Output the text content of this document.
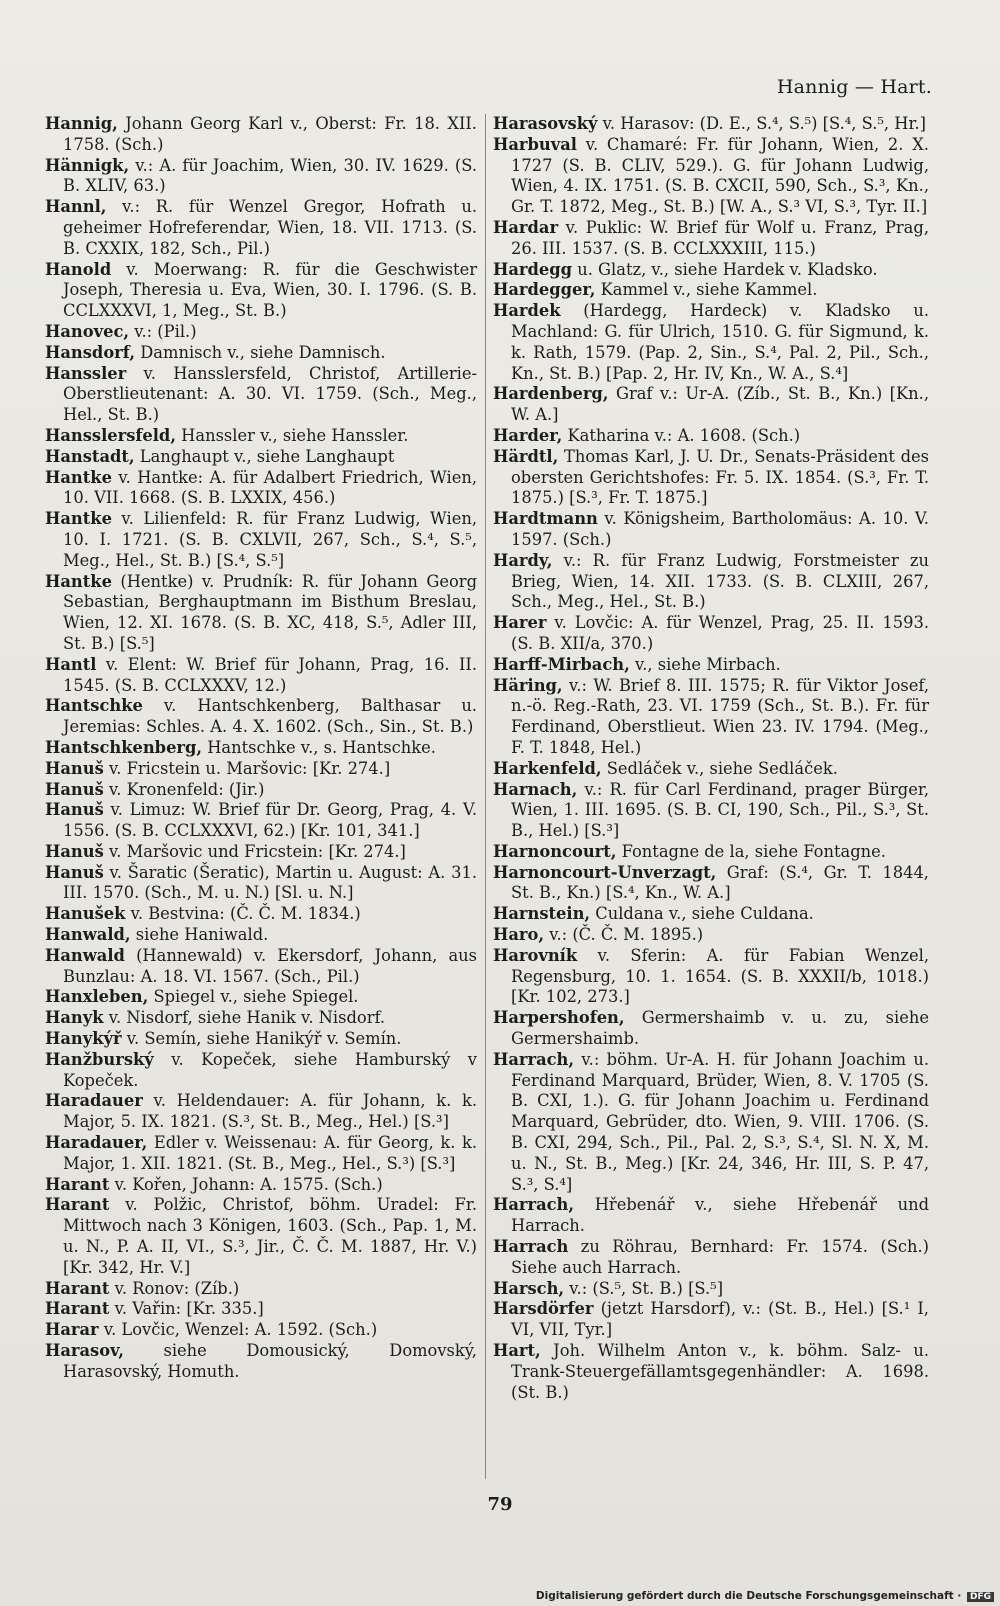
Hannig — Hart.

Hannig, Johann Georg Karl v., Oberst: Fr. 18. XII. 1758. (Sch.)

Hännigk, v.: A. für Joachim, Wien, 30. IV. 1629. (S. B. XLIV, 63.)

Hannl, v.: R. für Wenzel Gregor, Hofrath u. geheimer Hofreferendar, Wien, 18. VII. 1713. (S. B. CXXIX, 182, Sch., Pil.)

Hanold v. Moerwang: R. für die Geschwister Joseph, Theresia u. Eva, Wien, 30. I. 1796. (S. B. CCLXXXVI, 1, Meg., St. B.)

Hanovec, v.: (Pil.)

Hansdorf, Damnisch v., siehe Damnisch.

Hanssler v. Hansslersfeld, Christof, Artillerie-Oberstlieutenant: A. 30. VI. 1759. (Sch., Meg., Hel., St. B.)

Hansslersfeld, Hanssler v., siehe Hanssler.

Hanstadt, Langhaupt v., siehe Langhaupt

Hantke v. Hantke: A. für Adalbert Friedrich, Wien, 10. VII. 1668. (S. B. LXXIX, 456.)

Hantke v. Lilienfeld: R. für Franz Ludwig, Wien, 10. I. 1721. (S. B. CXLVII, 267, Sch., S.⁴, S.⁵, Meg., Hel., St. B.) [S.⁴, S.⁵]

Hantke (Hentke) v. Prudník: R. für Johann Georg Sebastian, Berghauptmann im Bisthum Breslau, Wien, 12. XI. 1678. (S. B. XC, 418, S.⁵, Adler III, St. B.) [S.⁵]

Hantl v. Elent: W. Brief für Johann, Prag, 16. II. 1545. (S. B. CCLXXXV, 12.)

Hantschke v. Hantschkenberg, Balthasar u. Jeremias: Schles. A. 4. X. 1602. (Sch., Sin., St. B.)

Hantschkenberg, Hantschke v., s. Hantschke.

Hanuš v. Fricstein u. Maršovic: [Kr. 274.]

Hanuš v. Kronenfeld: (Jir.)

Hanuš v. Limuz: W. Brief für Dr. Georg, Prag, 4. V. 1556. (S. B. CCLXXXVI, 62.) [Kr. 101, 341.]

Hanuš v. Maršovic und Fricstein: [Kr. 274.]

Hanuš v. Šaratic (Šeratic), Martin u. August: A. 31. III. 1570. (Sch., M. u. N.) [Sl. u. N.]

Hanušek v. Bestvina: (Č. Č. M. 1834.)

Hanwald, siehe Haniwald.

Hanwald (Hannewald) v. Ekersdorf, Johann, aus Bunzlau: A. 18. VI. 1567. (Sch., Pil.)

Hanxleben, Spiegel v., siehe Spiegel.

Hanyk v. Nisdorf, siehe Hanik v. Nisdorf.

Hanykýř v. Semín, siehe Hanikýř v. Semín.

Hanžburský v. Kopeček, siehe Hamburský v Kopeček.

Haradauer v. Heldendauer: A. für Johann, k. k. Major, 5. IX. 1821. (S.³, St. B., Meg., Hel.) [S.³]

Haradauer, Edler v. Weissenau: A. für Georg, k. k. Major, 1. XII. 1821. (St. B., Meg., Hel., S.³) [S.³]

Harant v. Kořen, Johann: A. 1575. (Sch.)

Harant v. Polžic, Christof, böhm. Uradel: Fr. Mittwoch nach 3 Königen, 1603. (Sch., Pap. 1, M. u. N., P. A. II, VI., S.³, Jir., Č. Č. M. 1887, Hr. V.) [Kr. 342, Hr. V.]

Harant v. Ronov: (Zíb.)

Harant v. Vařin: [Kr. 335.]

Harar v. Lovčic, Wenzel: A. 1592. (Sch.)

Harasov, siehe Domousický, Domovský, Harasovský, Homuth.

Harasovský v. Harasov: (D. E., S.⁴, S.⁵) [S.⁴, S.⁵, Hr.]

Harbuval v. Chamaré: Fr. für Johann, Wien, 2. X. 1727 (S. B. CLIV, 529.). G. für Johann Ludwig, Wien, 4. IX. 1751. (S. B. CXCII, 590, Sch., S.³, Kn., Gr. T. 1872, Meg., St. B.) [W. A., S.³ VI, S.³, Tyr. II.]

Hardar v. Puklic: W. Brief für Wolf u. Franz, Prag, 26. III. 1537. (S. B. CCLXXXIII, 115.)

Hardegg u. Glatz, v., siehe Hardek v. Kladsko.

Hardegger, Kammel v., siehe Kammel.

Hardek (Hardegg, Hardeck) v. Kladsko u. Machland: G. für Ulrich, 1510. G. für Sigmund, k. k. Rath, 1579. (Pap. 2, Sin., S.⁴, Pal. 2, Pil., Sch., Kn., St. B.) [Pap. 2, Hr. IV, Kn., W. A., S.⁴]

Hardenberg, Graf v.: Ur-A. (Zíb., St. B., Kn.) [Kn., W. A.]

Harder, Katharina v.: A. 1608. (Sch.)

Härdtl, Thomas Karl, J. U. Dr., Senats-Präsident des obersten Gerichtshofes: Fr. 5. IX. 1854. (S.³, Fr. T. 1875.) [S.³, Fr. T. 1875.]

Hardtmann v. Königsheim, Bartholomäus: A. 10. V. 1597. (Sch.)

Hardy, v.: R. für Franz Ludwig, Forstmeister zu Brieg, Wien, 14. XII. 1733. (S. B. CLXIII, 267, Sch., Meg., Hel., St. B.)

Harer v. Lovčic: A. für Wenzel, Prag, 25. II. 1593. (S. B. XII/a, 370.)

Harff-Mirbach, v., siehe Mirbach.

Häring, v.: W. Brief 8. III. 1575; R. für Viktor Josef, n.-ö. Reg.-Rath, 23. VI. 1759 (Sch., St. B.). Fr. für Ferdinand, Oberstlieut. Wien 23. IV. 1794. (Meg., F. T. 1848, Hel.)

Harkenfeld, Sedláček v., siehe Sedláček.

Harnach, v.: R. für Carl Ferdinand, prager Bürger, Wien, 1. III. 1695. (S. B. CI, 190, Sch., Pil., S.³, St. B., Hel.) [S.³]

Harnoncourt, Fontagne de la, siehe Fontagne.

Harnoncourt-Unverzagt, Graf: (S.⁴, Gr. T. 1844, St. B., Kn.) [S.⁴, Kn., W. A.]

Harnstein, Culdana v., siehe Culdana.

Haro, v.: (Č. Č. M. 1895.)

Harovník v. Sferin: A. für Fabian Wenzel, Regensburg, 10. 1. 1654. (S. B. XXXII/b, 1018.) [Kr. 102, 273.]

Harpershofen, Germershaimb v. u. zu, siehe Germershaimb.

Harrach, v.: böhm. Ur-A. H. für Johann Joachim u. Ferdinand Marquard, Brüder, Wien, 8. V. 1705 (S. B. CXI, 1.). G. für Johann Joachim u. Ferdinand Marquard, Gebrüder, dto. Wien, 9. VIII. 1706. (S. B. CXI, 294, Sch., Pil., Pal. 2, S.³, S.⁴, Sl. N. X, M. u. N., St. B., Meg.) [Kr. 24, 346, Hr. III, S. P. 47, S.³, S.⁴]

Harrach, Hřebenář v., siehe Hřebenář und Harrach.

Harrach zu Röhrau, Bernhard: Fr. 1574. (Sch.) Siehe auch Harrach.

Harsch, v.: (S.⁵, St. B.) [S.⁵]

Harsdörfer (jetzt Harsdorf), v.: (St. B., Hel.) [S.¹ I, VI, VII, Tyr.]

Hart, Joh. Wilhelm Anton v., k. böhm. Salz- u. Trank-Steuergefällamtsgegenhändler: A. 1698. (St. B.)

79
Digitalisierung gefördert durch die Deutsche Forschungsgemeinschaft · DFG
